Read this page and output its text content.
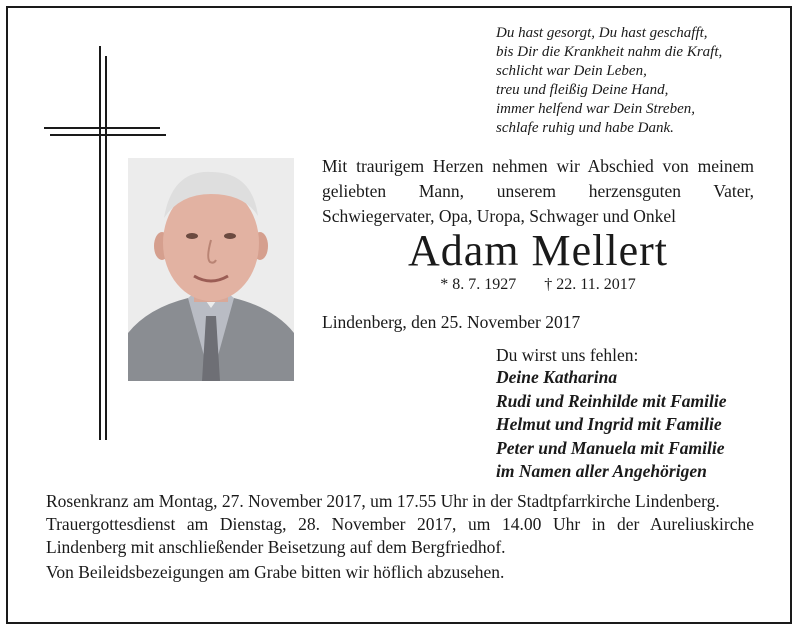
Du hast gesorgt, Du hast geschafft,
bis Dir die Krankheit nahm die Kraft,
schlicht war Dein Leben,
treu und fleißig Deine Hand,
immer helfend war Dein Streben,
schlafe ruhig und habe Dank.

Mit traurigem Herzen nehmen wir Abschied von meinem geliebten Mann, unserem herzensguten Vater, Schwiegervater, Opa, Uropa, Schwager und Onkel

Adam Mellert
* 8. 7. 1927 † 22. 11. 2017
Lindenberg, den 25. November 2017
Du wirst uns fehlen:
Deine Katharina
Rudi und Reinhilde mit Familie
Helmut und Ingrid mit Familie
Peter und Manuela mit Familie
im Namen aller Angehörigen

Rosenkranz am Montag, 27. November 2017, um 17.55 Uhr in der Stadtpfarrkirche Lindenberg.

Trauergottesdienst am Dienstag, 28. November 2017, um 14.00 Uhr in der Aureliuskirche Lindenberg mit anschließender Beisetzung auf dem Bergfriedhof.

Von Beileidsbezeigungen am Grabe bitten wir höflich abzusehen.
